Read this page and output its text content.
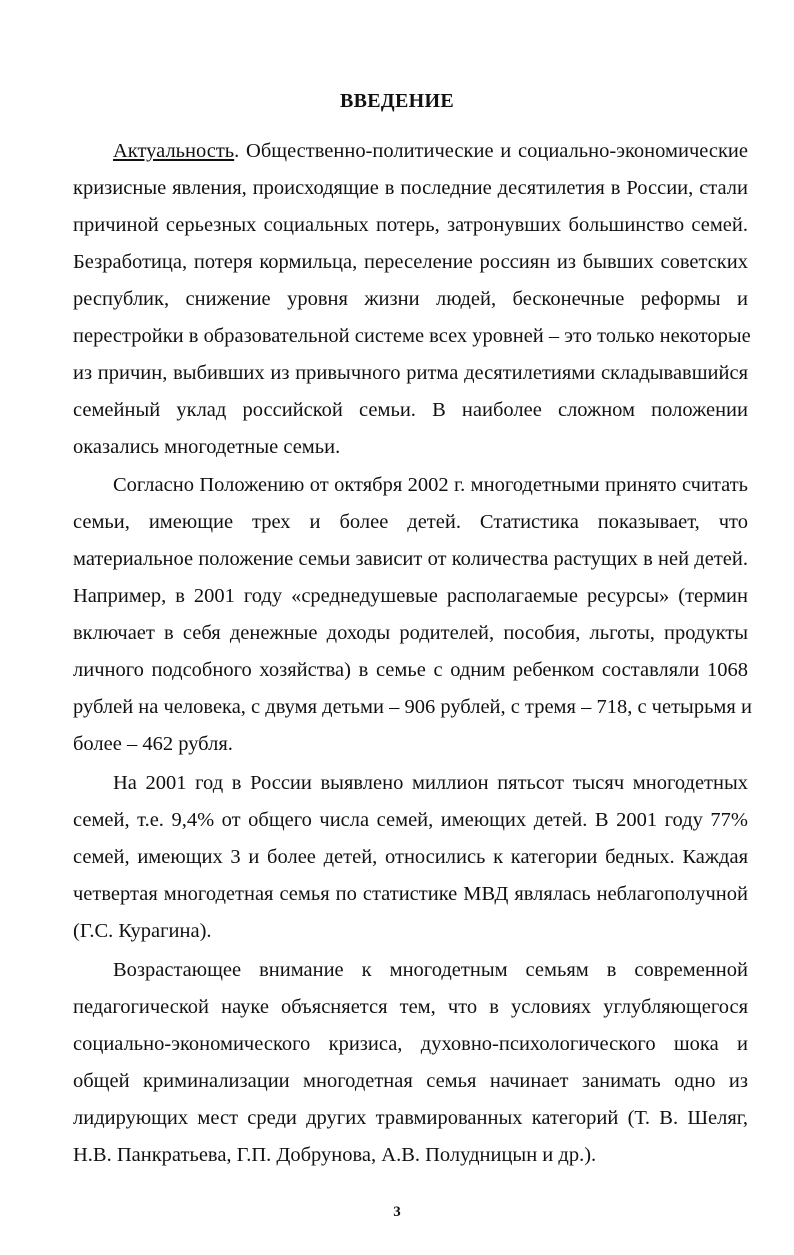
ВВЕДЕНИЕ
Актуальность. Общественно-политические и социально-экономические
кризисные явления, происходящие в последние десятилетия в России, стали
причиной серьезных социальных потерь, затронувших большинство семей.
Безработица, потеря кормильца, переселение россиян из бывших советских
республик, снижение уровня жизни людей, бесконечные реформы и
перестройки в образовательной системе всех уровней – это только некоторые
из причин, выбивших из привычного ритма десятилетиями складывавшийся
семейный уклад российской семьи. В наиболее сложном положении
оказались многодетные семьи.
Согласно Положению от октября 2002 г. многодетными принято считать
семьи, имеющие трех и более детей. Статистика показывает, что
материальное положение семьи зависит от количества растущих в ней детей.
Например, в 2001 году «среднедушевые располагаемые ресурсы» (термин
включает в себя денежные доходы родителей, пособия, льготы, продукты
личного подсобного хозяйства) в семье с одним ребенком составляли 1068
рублей на человека, с двумя детьми – 906 рублей, с тремя – 718, с четырьмя и
более – 462 рубля.
На 2001 год в России выявлено миллион пятьсот тысяч многодетных
семей, т.е. 9,4% от общего числа семей, имеющих детей. В 2001 году 77%
семей, имеющих 3 и более детей, относились к категории бедных. Каждая
четвертая многодетная семья по статистике МВД являлась неблагополучной
(Г.С. Курагина).
Возрастающее внимание к многодетным семьям в современной
педагогической науке объясняется тем, что в условиях углубляющегося
социально-экономического кризиса, духовно-психологического шока и
общей криминализации многодетная семья начинает занимать одно из
лидирующих мест среди других травмированных категорий (Т. В. Шеляг,
Н.В. Панкратьева, Г.П. Добрунова, А.В. Полудницын и др.).
3
